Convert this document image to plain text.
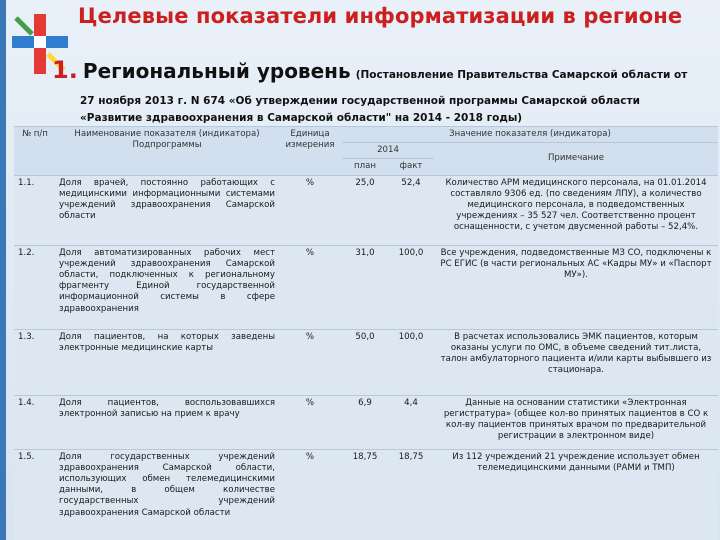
Целевые показатели информатизации в регионе
1. Региональный уровень (Постановление Правительства Самарской области от
27 ноября 2013 г. N 674 «Об утверждении государственной программы Самарской области
«Развитие здравоохранения в Самарской области" на 2014 - 2018 годы)
№ п/п	Наименование показателя (индикатора) Подпрограммы	Единица измерения	Значение показателя (индикатора)		
			2014		Примечание
			план	факт	
1.1.	Доля врачей, постоянно работающих с медицинскими информационными системами учреждений здравоохранения Самарской области	%	25,0	52,4	Количество АРМ медицинского персонала, на 01.01.2014 составляло 9306 ед. (по сведениям ЛПУ), а количество медицинского персонала, в подведомственных учреждениях – 35 527 чел. Соответственно процент оснащенности, с учетом двусменной работы – 52,4%.
1.2.	Доля автоматизированных рабочих мест учреждений здравоохранения Самарской области, подключенных к региональному фрагменту Единой государственной информационной системы в сфере здравоохранения	%	31,0	100,0	Все учреждения, подведомственные МЗ СО, подключены к РС ЕГИС (в части региональных АС «Кадры МУ» и «Паспорт МУ»).
1.3.	Доля пациентов, на которых заведены электронные медицинские карты	%	50,0	100,0	В расчетах использовались ЭМК пациентов, которым оказаны услуги по ОМС, в объеме сведений тит.листа, талон амбулаторного пациента и/или карты выбывшего из стационара.
1.4.	Доля пациентов, воспользовавшихся электронной записью на прием к врачу	%	6,9	4,4	Данные на основании статистики «Электронная регистратура» (общее кол-во принятых пациентов в СО к кол-ву пациентов принятых врачом по предварительной регистрации в электронном виде)
1.5.	Доля государственных учреждений здравоохранения Самарской области, использующих обмен телемедицинскими данными, в общем количестве государственных учреждений здравоохранения Самарской области	%	18,75	18,75	Из 112 учреждений 21 учреждение использует обмен телемедицинскими данными (РАМИ и ТМП)
